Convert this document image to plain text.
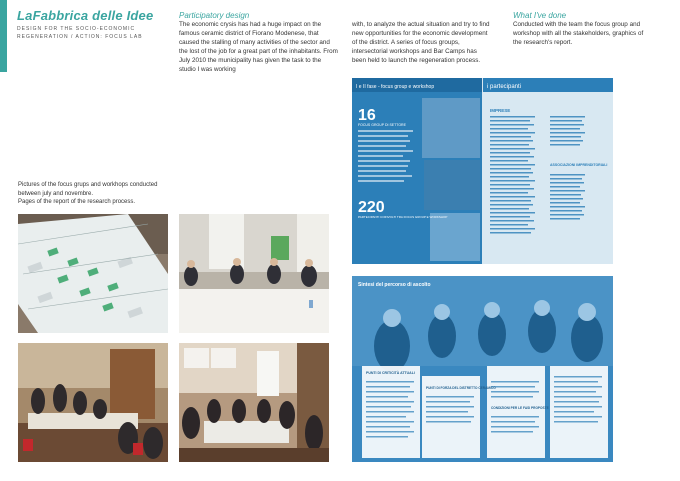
LaFabbrica delle Idee
DESIGN FOR THE SOCIO-ECONOMIC REGENERATION / ACTION: FOCUS LAB
Participatory design
The economic crysis has had a huge impact on the famous ceramic district of Fiorano Modenese, that caused the stalling of many activities of the sector and the lost of the job for a great part of the inhabitants. From July 2010 the municipality has given the task to the studio I was working
with, to analyze the actual situation and try to find new opportunities for the economic development of the district. A series of focus groups, intersectorial workshops and Bar Camps has been held to launch the regeneration process.
What I've done
Conducted with the team the focus group and workshop with all the stakeholders, graphics of the research's report.
Pictures of the focus grups and workhops conducted between july and novembre.
Pages of the report of the research process.
I e II fase - focus group e workshop	i partecipanti
16
FOCUS GROUP DI SETTORE
220
PARTECIPANTI COINVOLTI TRA FOCUS GROUP E WORKSHOP
IMPRESE
ASSOCIAZIONI IMPRENDITORIALI
Sintesi del percorso di ascolto
PUNTI DI CRITICITÀ ATTUALI
PUNTI DI FORZA DEL DISTRETTO CERAMICO
CONDIZIONI PER LE FASI PROPOSTE
